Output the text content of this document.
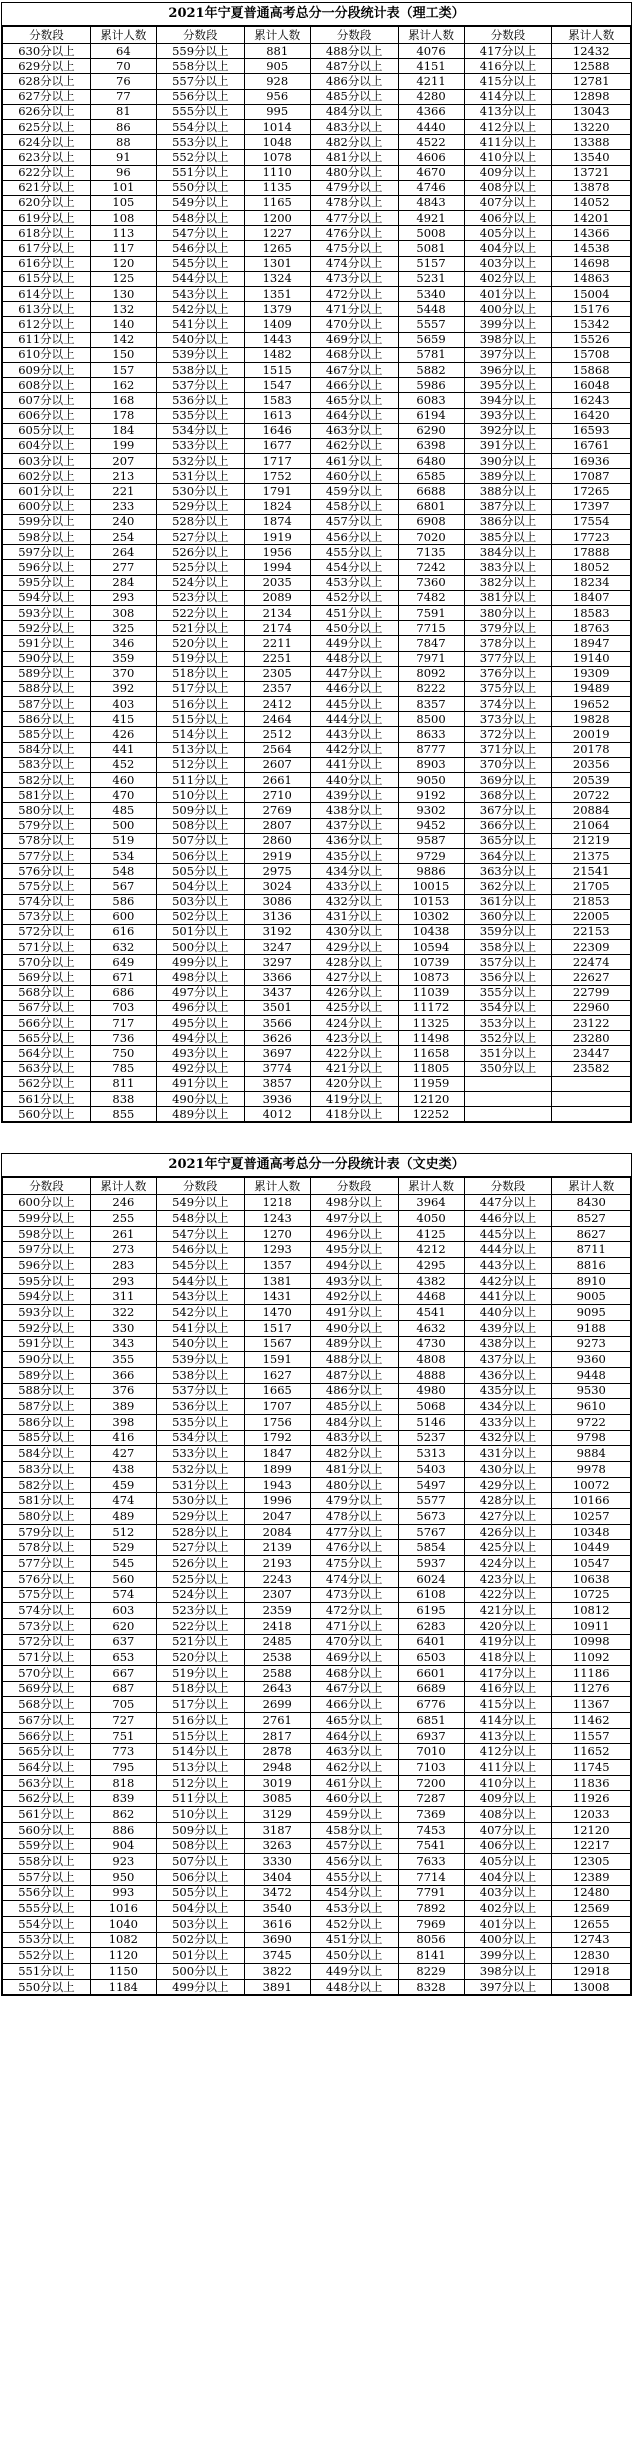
2021年宁夏普通高考总分一分段统计表（理工类）
分数段	累计人数	分数段	累计人数	分数段	累计人数	分数段	累计人数
630分以上	64	559分以上	881	488分以上	4076	417分以上	12432
629分以上	70	558分以上	905	487分以上	4151	416分以上	12588
628分以上	76	557分以上	928	486分以上	4211	415分以上	12781
627分以上	77	556分以上	956	485分以上	4280	414分以上	12898
626分以上	81	555分以上	995	484分以上	4366	413分以上	13043
625分以上	86	554分以上	1014	483分以上	4440	412分以上	13220
624分以上	88	553分以上	1048	482分以上	4522	411分以上	13388
623分以上	91	552分以上	1078	481分以上	4606	410分以上	13540
622分以上	96	551分以上	1110	480分以上	4670	409分以上	13721
621分以上	101	550分以上	1135	479分以上	4746	408分以上	13878
620分以上	105	549分以上	1165	478分以上	4843	407分以上	14052
619分以上	108	548分以上	1200	477分以上	4921	406分以上	14201
618分以上	113	547分以上	1227	476分以上	5008	405分以上	14366
617分以上	117	546分以上	1265	475分以上	5081	404分以上	14538
616分以上	120	545分以上	1301	474分以上	5157	403分以上	14698
615分以上	125	544分以上	1324	473分以上	5231	402分以上	14863
614分以上	130	543分以上	1351	472分以上	5340	401分以上	15004
613分以上	132	542分以上	1379	471分以上	5448	400分以上	15176
612分以上	140	541分以上	1409	470分以上	5557	399分以上	15342
611分以上	142	540分以上	1443	469分以上	5659	398分以上	15526
610分以上	150	539分以上	1482	468分以上	5781	397分以上	15708
609分以上	157	538分以上	1515	467分以上	5882	396分以上	15868
608分以上	162	537分以上	1547	466分以上	5986	395分以上	16048
607分以上	168	536分以上	1583	465分以上	6083	394分以上	16243
606分以上	178	535分以上	1613	464分以上	6194	393分以上	16420
605分以上	184	534分以上	1646	463分以上	6290	392分以上	16593
604分以上	199	533分以上	1677	462分以上	6398	391分以上	16761
603分以上	207	532分以上	1717	461分以上	6480	390分以上	16936
602分以上	213	531分以上	1752	460分以上	6585	389分以上	17087
601分以上	221	530分以上	1791	459分以上	6688	388分以上	17265
600分以上	233	529分以上	1824	458分以上	6801	387分以上	17397
599分以上	240	528分以上	1874	457分以上	6908	386分以上	17554
598分以上	254	527分以上	1919	456分以上	7020	385分以上	17723
597分以上	264	526分以上	1956	455分以上	7135	384分以上	17888
596分以上	277	525分以上	1994	454分以上	7242	383分以上	18052
595分以上	284	524分以上	2035	453分以上	7360	382分以上	18234
594分以上	293	523分以上	2089	452分以上	7482	381分以上	18407
593分以上	308	522分以上	2134	451分以上	7591	380分以上	18583
592分以上	325	521分以上	2174	450分以上	7715	379分以上	18763
591分以上	346	520分以上	2211	449分以上	7847	378分以上	18947
590分以上	359	519分以上	2251	448分以上	7971	377分以上	19140
589分以上	370	518分以上	2305	447分以上	8092	376分以上	19309
588分以上	392	517分以上	2357	446分以上	8222	375分以上	19489
587分以上	403	516分以上	2412	445分以上	8357	374分以上	19652
586分以上	415	515分以上	2464	444分以上	8500	373分以上	19828
585分以上	426	514分以上	2512	443分以上	8633	372分以上	20019
584分以上	441	513分以上	2564	442分以上	8777	371分以上	20178
583分以上	452	512分以上	2607	441分以上	8903	370分以上	20356
582分以上	460	511分以上	2661	440分以上	9050	369分以上	20539
581分以上	470	510分以上	2710	439分以上	9192	368分以上	20722
580分以上	485	509分以上	2769	438分以上	9302	367分以上	20884
579分以上	500	508分以上	2807	437分以上	9452	366分以上	21064
578分以上	519	507分以上	2860	436分以上	9587	365分以上	21219
577分以上	534	506分以上	2919	435分以上	9729	364分以上	21375
576分以上	548	505分以上	2975	434分以上	9886	363分以上	21541
575分以上	567	504分以上	3024	433分以上	10015	362分以上	21705
574分以上	586	503分以上	3086	432分以上	10153	361分以上	21853
573分以上	600	502分以上	3136	431分以上	10302	360分以上	22005
572分以上	616	501分以上	3192	430分以上	10438	359分以上	22153
571分以上	632	500分以上	3247	429分以上	10594	358分以上	22309
570分以上	649	499分以上	3297	428分以上	10739	357分以上	22474
569分以上	671	498分以上	3366	427分以上	10873	356分以上	22627
568分以上	686	497分以上	3437	426分以上	11039	355分以上	22799
567分以上	703	496分以上	3501	425分以上	11172	354分以上	22960
566分以上	717	495分以上	3566	424分以上	11325	353分以上	23122
565分以上	736	494分以上	3626	423分以上	11498	352分以上	23280
564分以上	750	493分以上	3697	422分以上	11658	351分以上	23447
563分以上	785	492分以上	3774	421分以上	11805	350分以上	23582
562分以上	811	491分以上	3857	420分以上	11959		
561分以上	838	490分以上	3936	419分以上	12120		
560分以上	855	489分以上	4012	418分以上	12252		
2021年宁夏普通高考总分一分段统计表（文史类）
分数段	累计人数	分数段	累计人数	分数段	累计人数	分数段	累计人数
600分以上	246	549分以上	1218	498分以上	3964	447分以上	8430
599分以上	255	548分以上	1243	497分以上	4050	446分以上	8527
598分以上	261	547分以上	1270	496分以上	4125	445分以上	8627
597分以上	273	546分以上	1293	495分以上	4212	444分以上	8711
596分以上	283	545分以上	1357	494分以上	4295	443分以上	8816
595分以上	293	544分以上	1381	493分以上	4382	442分以上	8910
594分以上	311	543分以上	1431	492分以上	4468	441分以上	9005
593分以上	322	542分以上	1470	491分以上	4541	440分以上	9095
592分以上	330	541分以上	1517	490分以上	4632	439分以上	9188
591分以上	343	540分以上	1567	489分以上	4730	438分以上	9273
590分以上	355	539分以上	1591	488分以上	4808	437分以上	9360
589分以上	366	538分以上	1627	487分以上	4888	436分以上	9448
588分以上	376	537分以上	1665	486分以上	4980	435分以上	9530
587分以上	389	536分以上	1707	485分以上	5068	434分以上	9610
586分以上	398	535分以上	1756	484分以上	5146	433分以上	9722
585分以上	416	534分以上	1792	483分以上	5237	432分以上	9798
584分以上	427	533分以上	1847	482分以上	5313	431分以上	9884
583分以上	438	532分以上	1899	481分以上	5403	430分以上	9978
582分以上	459	531分以上	1943	480分以上	5497	429分以上	10072
581分以上	474	530分以上	1996	479分以上	5577	428分以上	10166
580分以上	489	529分以上	2047	478分以上	5673	427分以上	10257
579分以上	512	528分以上	2084	477分以上	5767	426分以上	10348
578分以上	529	527分以上	2139	476分以上	5854	425分以上	10449
577分以上	545	526分以上	2193	475分以上	5937	424分以上	10547
576分以上	560	525分以上	2243	474分以上	6024	423分以上	10638
575分以上	574	524分以上	2307	473分以上	6108	422分以上	10725
574分以上	603	523分以上	2359	472分以上	6195	421分以上	10812
573分以上	620	522分以上	2418	471分以上	6283	420分以上	10911
572分以上	637	521分以上	2485	470分以上	6401	419分以上	10998
571分以上	653	520分以上	2538	469分以上	6503	418分以上	11092
570分以上	667	519分以上	2588	468分以上	6601	417分以上	11186
569分以上	687	518分以上	2643	467分以上	6689	416分以上	11276
568分以上	705	517分以上	2699	466分以上	6776	415分以上	11367
567分以上	727	516分以上	2761	465分以上	6851	414分以上	11462
566分以上	751	515分以上	2817	464分以上	6937	413分以上	11557
565分以上	773	514分以上	2878	463分以上	7010	412分以上	11652
564分以上	795	513分以上	2948	462分以上	7103	411分以上	11745
563分以上	818	512分以上	3019	461分以上	7200	410分以上	11836
562分以上	839	511分以上	3085	460分以上	7287	409分以上	11926
561分以上	862	510分以上	3129	459分以上	7369	408分以上	12033
560分以上	886	509分以上	3187	458分以上	7453	407分以上	12120
559分以上	904	508分以上	3263	457分以上	7541	406分以上	12217
558分以上	923	507分以上	3330	456分以上	7633	405分以上	12305
557分以上	950	506分以上	3404	455分以上	7714	404分以上	12389
556分以上	993	505分以上	3472	454分以上	7791	403分以上	12480
555分以上	1016	504分以上	3540	453分以上	7892	402分以上	12569
554分以上	1040	503分以上	3616	452分以上	7969	401分以上	12655
553分以上	1082	502分以上	3690	451分以上	8056	400分以上	12743
552分以上	1120	501分以上	3745	450分以上	8141	399分以上	12830
551分以上	1150	500分以上	3822	449分以上	8229	398分以上	12918
550分以上	1184	499分以上	3891	448分以上	8328	397分以上	13008
